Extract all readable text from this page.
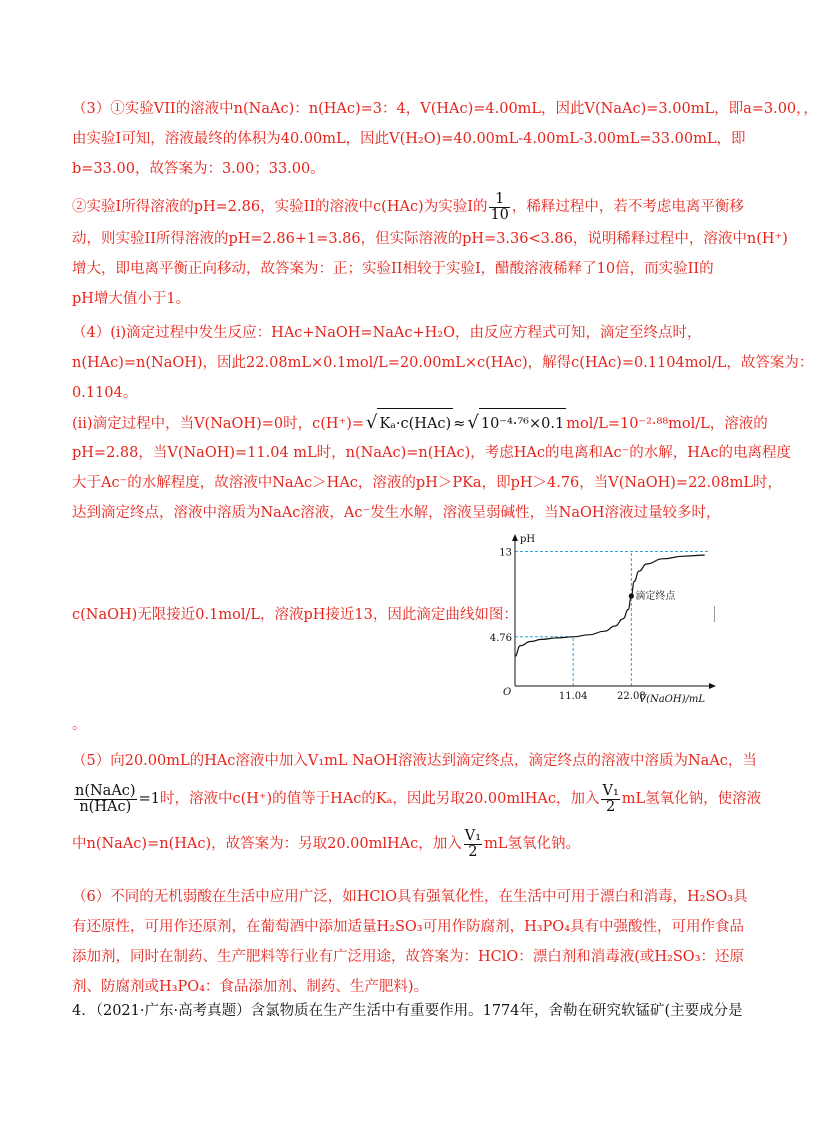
（3）①实验VII的溶液中n(NaAc)：n(HAc)=3：4，V(HAc)=4.00mL，因此V(NaAc)=3.00mL，即a=3.00，，
由实验I可知，溶液最终的体积为40.00mL，因此V(H₂O)=40.00mL-4.00mL-3.00mL=33.00mL，即
b=33.00，故答案为：3.00；33.00。
②实验I所得溶液的pH=2.86，实验II的溶液中c(HAc)为实验I的 $\frac{1}{10}$ ，稀释过程中，若不考虑电离平衡移
动，则实验II所得溶液的pH=2.86+1=3.86，但实际溶液的pH=3.36<3.86，说明稀释过程中，溶液中n(H⁺)
增大，即电离平衡正向移动，故答案为：正；实验II相较于实验I，醋酸溶液稀释了10倍，而实验II的
pH增大值小于1。
（4）(i)滴定过程中发生反应：HAc+NaOH=NaAc+H₂O，由反应方程式可知，滴定至终点时，
n(HAc)=n(NaOH)，因此22.08mL×0.1mol/L=20.00mL×c(HAc)，解得c(HAc)=0.1104mol/L，故答案为：
0.1104。
(ii)滴定过程中，当V(NaOH)=0时，c(H⁺)= √ Kₐ·c(HAc) ≈ √ 10⁻⁴·⁷⁶×0.1 mol/L=10⁻²·⁸⁸mol/L，溶液的
pH=2.88，当V(NaOH)=11.04 mL时，n(NaAc)=n(HAc)，考虑HAc的电离和Ac⁻的水解，HAc的电离程度
大于Ac⁻的水解程度，故溶液中NaAc＞HAc，溶液的pH＞PKa，即pH＞4.76，当V(NaOH)=22.08mL时，
达到滴定终点，溶液中溶质为NaAc溶液，Ac⁻发生水解，溶液呈弱碱性，当NaOH溶液过量较多时，
c(NaOH)无限接近0.1mol/L，溶液pH接近13，因此滴定曲线如图：
pH
O
13
4.76
11.04	22.08
V(NaOH)/mL
滴定终点
。
（5）向20.00mL的HAc溶液中加入V₁mL NaOH溶液达到滴定终点，滴定终点的溶液中溶质为NaAc，当
$\frac{\text{n(NaAc)}}{\text{n(HAc)}} =1$时，溶液中c(H⁺)的值等于HAc的Kₐ，因此另取20.00mlHAc，加入 $\frac{\text{V₁}}{2}$ mL氢氧化钠，使溶液
中n(NaAc)=n(HAc)，故答案为：另取20.00mlHAc，加入 $\frac{\text{V₁}}{2}$ mL氢氧化钠。
（6）不同的无机弱酸在生活中应用广泛，如HClO具有强氧化性，在生活中可用于漂白和消毒，H₂SO₃具
有还原性，可用作还原剂，在葡萄酒中添加适量H₂SO₃可用作防腐剂，H₃PO₄具有中强酸性，可用作食品
添加剂，同时在制药、生产肥料等行业有广泛用途，故答案为：HClO：漂白剂和消毒液(或H₂SO₃：还原
剂、防腐剂或H₃PO₄：食品添加剂、制药、生产肥料)。
4．（2021·广东·高考真题）含氯物质在生产生活中有重要作用。1774年，舍勒在研究软锰矿(主要成分是
